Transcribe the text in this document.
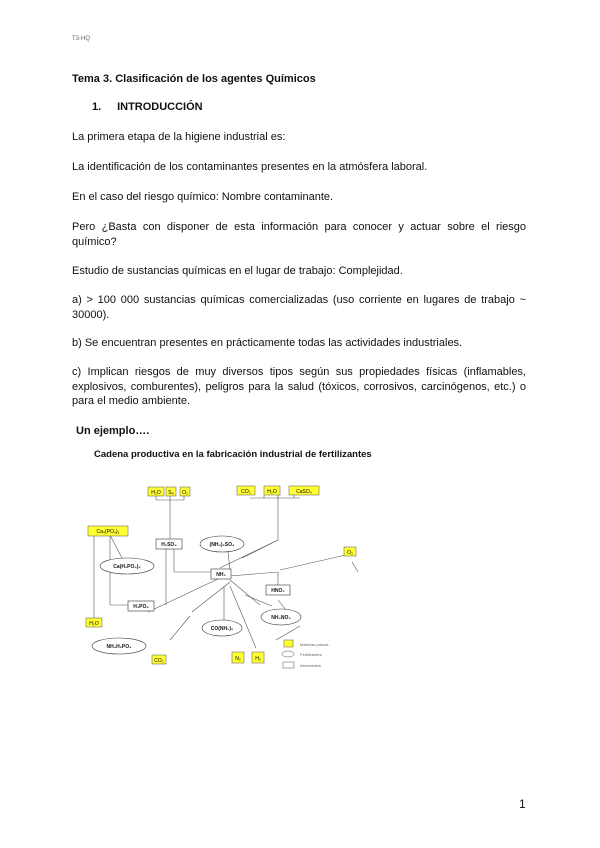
T3-HQ
Tema 3. Clasificación de los agentes Químicos
1. INTRODUCCIÓN
La primera etapa de la higiene industrial es:
La identificación de los contaminantes presentes en la atmósfera laboral.
En el caso del riesgo químico: Nombre contaminante.
Pero ¿Basta con disponer de esta información para conocer y actuar sobre el riesgo químico?
Estudio de sustancias químicas en el lugar de trabajo: Complejidad.
a) > 100 000 sustancias químicas comercializadas (uso corriente en lugares de trabajo ~ 30000).
b) Se encuentran presentes en prácticamente todas las actividades industriales.
c) Implican riesgos de muy diversos tipos según sus propiedades físicas (inflamables, explosivos, comburentes), peligros para la salud (tóxicos, corrosivos, carcinógenos, etc.) o para el medio ambiente.
Un ejemplo….
Cadena productiva en la fabricación industrial de fertilizantes
H₂O S₈ O₂	CO₂	H₂O	CaSO₄
Ca₃(PO₄)₂
O₂
H₂O
CO₂	N₂	H₂
(NH₄)₂SO₄
Ca(H₂PO₄)₂
NH₄NO₃
CO(NH₂)₂
NH₄H₂PO₄
H₂SO₄
NH₃
HNO₃
H₃PO₄
Materias primas
Fertilizantes
Intermedios
1
